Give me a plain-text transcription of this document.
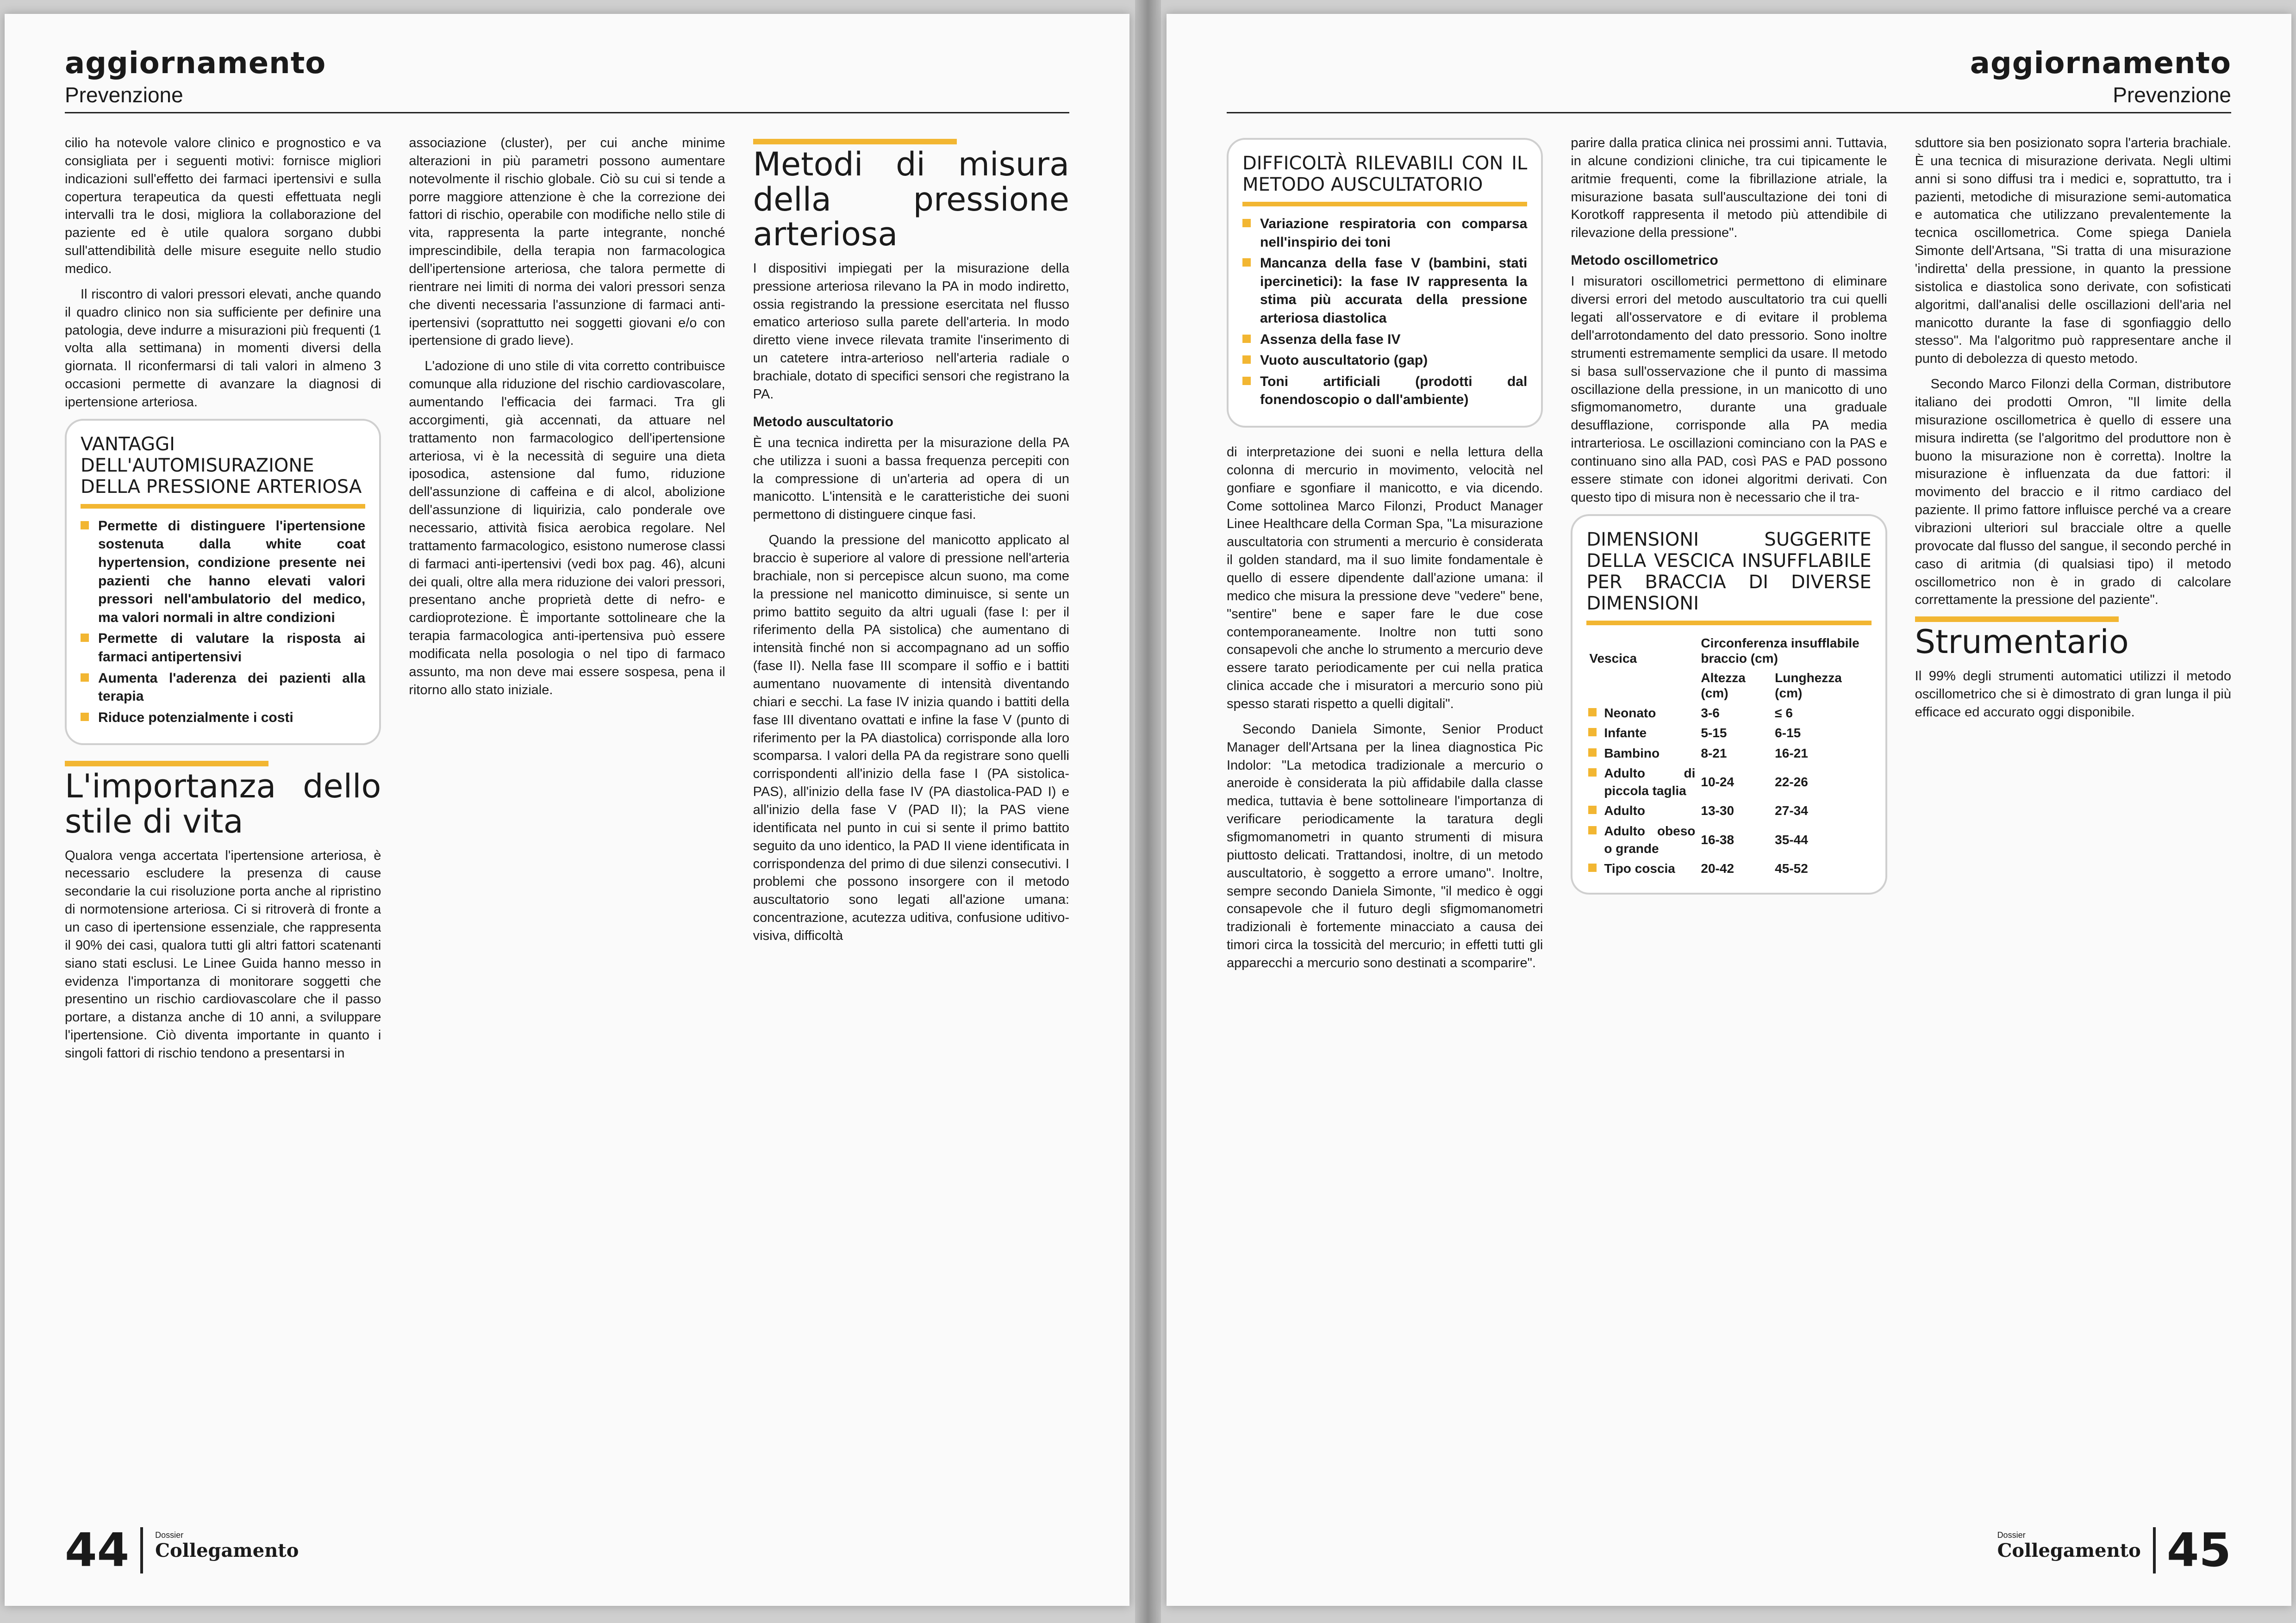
aggiornamento
Prevenzione

cilio ha notevole valore clinico e prognostico e va consigliata per i seguenti motivi: fornisce migliori indicazioni sull'effetto dei farmaci ipertensivi e sulla copertura terapeutica da questi effettuata negli intervalli tra le dosi, migliora la collaborazione del paziente ed è utile qualora sorgano dubbi sull'attendibilità delle misure eseguite nello studio medico.

Il riscontro di valori pressori elevati, anche quando il quadro clinico non sia sufficiente per definire una patologia, deve indurre a misurazioni più frequenti (1 volta alla settimana) in momenti diversi della giornata. Il riconfermarsi di tali valori in almeno 3 occasioni permette di avanzare la diagnosi di ipertensione arteriosa.

VANTAGGI DELL'AUTOMISURAZIONE DELLA PRESSIONE ARTERIOSA
Permette di distinguere l'ipertensione sostenuta dalla white coat hypertension, condizione presente nei pazienti che hanno elevati valori pressori nell'ambulatorio del medico, ma valori normali in altre condizioni
Permette di valutare la risposta ai farmaci antipertensivi
Aumenta l'aderenza dei pazienti alla terapia
Riduce potenzialmente i costi
L'importanza dello stile di vita

Qualora venga accertata l'ipertensione arteriosa, è necessario escludere la presenza di cause secondarie la cui risoluzione porta anche al ripristino di normotensione arteriosa. Ci si ritroverà di fronte a un caso di ipertensione essenziale, che rappresenta il 90% dei casi, qualora tutti gli altri fattori scatenanti siano stati esclusi. Le Linee Guida hanno messo in evidenza l'importanza di monitorare soggetti che presentino un rischio cardiovascolare che il passo portare, a distanza anche di 10 anni, a sviluppare l'ipertensione. Ciò diventa importante in quanto i singoli fattori di rischio tendono a presentarsi in

associazione (cluster), per cui anche minime alterazioni in più parametri possono aumentare notevolmente il rischio globale. Ciò su cui si tende a porre maggiore attenzione è che la correzione dei fattori di rischio, operabile con modifiche nello stile di vita, rappresenta la parte integrante, nonché imprescindibile, della terapia non farmacologica dell'ipertensione arteriosa, che talora permette di rientrare nei limiti di norma dei valori pressori senza che diventi necessaria l'assunzione di farmaci anti-ipertensivi (soprattutto nei soggetti giovani e/o con ipertensione di grado lieve).

L'adozione di uno stile di vita corretto contribuisce comunque alla riduzione del rischio cardiovascolare, aumentando l'efficacia dei farmaci. Tra gli accorgimenti, già accennati, da attuare nel trattamento non farmacologico dell'ipertensione arteriosa, vi è la necessità di seguire una dieta iposodica, astensione dal fumo, riduzione dell'assunzione di caffeina e di alcol, abolizione dell'assunzione di liquirizia, calo ponderale ove necessario, attività fisica aerobica regolare. Nel trattamento farmacologico, esistono numerose classi di farmaci anti-ipertensivi (vedi box pag. 46), alcuni dei quali, oltre alla mera riduzione dei valori pressori, presentano anche proprietà dette di nefro- e cardioprotezione. È importante sottolineare che la terapia farmacologica anti-ipertensiva può essere modificata nella posologia o nel tipo di farmaco assunto, ma non deve mai essere sospesa, pena il ritorno allo stato iniziale.

Metodi di misura della pressione arteriosa

I dispositivi impiegati per la misurazione della pressione arteriosa rilevano la PA in modo indiretto, ossia registrando la pressione esercitata nel flusso ematico arterioso sulla parete dell'arteria. In modo diretto viene invece rilevata tramite l'inserimento di un catetere intra-arterioso nell'arteria radiale o brachiale, dotato di specifici sensori che registrano la PA.

Metodo auscultatorio

È una tecnica indiretta per la misurazione della PA che utilizza i suoni a bassa frequenza percepiti con la compressione di un'arteria ad opera di un manicotto. L'intensità e le caratteristiche dei suoni permettono di distinguere cinque fasi.

Quando la pressione del manicotto applicato al braccio è superiore al valore di pressione nell'arteria brachiale, non si percepisce alcun suono, ma come la pressione nel manicotto diminuisce, si sente un primo battito seguito da altri uguali (fase I: per il riferimento della PA sistolica) che aumentano di intensità finché non si accompagnano ad un soffio (fase II). Nella fase III scompare il soffio e i battiti aumentano nuovamente di intensità diventando chiari e secchi. La fase IV inizia quando i battiti della fase III diventano ovattati e infine la fase V (punto di riferimento per la PA diastolica) corrisponde alla loro scomparsa. I valori della PA da registrare sono quelli corrispondenti all'inizio della fase I (PA sistolica-PAS), all'inizio della fase IV (PA diastolica-PAD I) e all'inizio della fase V (PAD II); la PAS viene identificata nel punto in cui si sente il primo battito seguito da uno identico, la PAD II viene identificata in corrispondenza del primo di due silenzi consecutivi. I problemi che possono insorgere con il metodo auscultatorio sono legati all'azione umana: concentrazione, acutezza uditiva, confusione uditivo-visiva, difficoltà

44	Dossier
Collegamento
aggiornamento
Prevenzione
DIFFICOLTÀ RILEVABILI CON IL METODO AUSCULTATORIO
Variazione respiratoria con comparsa nell'inspirio dei toni
Mancanza della fase V (bambini, stati ipercinetici): la fase IV rappresenta la stima più accurata della pressione arteriosa diastolica
Assenza della fase IV
Vuoto auscultatorio (gap)
Toni artificiali (prodotti dal fonendoscopio o dall'ambiente)

di interpretazione dei suoni e nella lettura della colonna di mercurio in movimento, velocità nel gonfiare e sgonfiare il manicotto, e via dicendo. Come sottolinea Marco Filonzi, Product Manager Linee Healthcare della Corman Spa, "La misurazione auscultatoria con strumenti a mercurio è considerata il golden standard, ma il suo limite fondamentale è quello di essere dipendente dall'azione umana: il medico che misura la pressione deve "vedere" bene, "sentire" bene e saper fare le due cose contemporaneamente. Inoltre non tutti sono consapevoli che anche lo strumento a mercurio deve essere tarato periodicamente per cui nella pratica clinica accade che i misuratori a mercurio sono più spesso starati rispetto a quelli digitali".

Secondo Daniela Simonte, Senior Product Manager dell'Artsana per la linea diagnostica Pic Indolor: "La metodica tradizionale a mercurio o aneroide è considerata la più affidabile dalla classe medica, tuttavia è bene sottolineare l'importanza di verificare periodicamente la taratura degli sfigmomanometri in quanto strumenti di misura piuttosto delicati. Trattandosi, inoltre, di un metodo auscultatorio, è soggetto a errore umano". Inoltre, sempre secondo Daniela Simonte, "il medico è oggi consapevole che il futuro degli sfigmomanometri tradizionali è fortemente minacciato a causa dei timori circa la tossicità del mercurio; in effetti tutti gli apparecchi a mercurio sono destinati a scomparire".

parire dalla pratica clinica nei prossimi anni. Tuttavia, in alcune condizioni cliniche, tra cui tipicamente le aritmie frequenti, come la fibrillazione atriale, la misurazione basata sull'auscultazione dei toni di Korotkoff rappresenta il metodo più attendibile di rilevazione della pressione".

Metodo oscillometrico

I misuratori oscillometrici permettono di eliminare diversi errori del metodo auscultatorio tra cui quelli legati all'osservatore e di evitare il problema dell'arrotondamento del dato pressorio. Sono inoltre strumenti estremamente semplici da usare. Il metodo si basa sull'osservazione che il punto di massima oscillazione della pressione, in un manicotto di uno sfigmomanometro, durante una graduale desufflazione, corrisponde alla PA media intrarteriosa. Le oscillazioni cominciano con la PAS e continuano sino alla PAD, così PAS e PAD possono essere stimate con idonei algoritmi derivati. Con questo tipo di misura non è necessario che il tra-

DIMENSIONI SUGGERITE DELLA VESCICA INSUFFLABILE PER BRACCIA DI DIVERSE DIMENSIONI
Vescica	Circonferenza insufflabile braccio (cm)	
	Altezza (cm)	Lunghezza (cm)
Neonato	3-6	≤ 6
Infante	5-15	6-15
Bambino	8-21	16-21
Adulto di piccola taglia	10-24	22-26
Adulto	13-30	27-34
Adulto obeso o grande	16-38	35-44
Tipo coscia	20-42	45-52

sduttore sia ben posizionato sopra l'arteria brachiale. È una tecnica di misurazione derivata. Negli ultimi anni si sono diffusi tra i medici e, soprattutto, tra i pazienti, metodiche di misurazione semi-automatica e automatica che utilizzano prevalentemente la tecnica oscillometrica. Come spiega Daniela Simonte dell'Artsana, "Si tratta di una misurazione 'indiretta' della pressione, in quanto la pressione sistolica e diastolica sono derivate, con sofisticati algoritmi, dall'analisi delle oscillazioni dell'aria nel manicotto durante la fase di sgonfiaggio dello stesso". Ma l'algoritmo può rappresentare anche il punto di debolezza di questo metodo.

Secondo Marco Filonzi della Corman, distributore italiano dei prodotti Omron, "Il limite della misurazione oscillometrica è quello di essere una misura indiretta (se l'algoritmo del produttore non è buono la misurazione non è corretta). Inoltre la misurazione è influenzata da due fattori: il movimento del braccio e il ritmo cardiaco del paziente. Il primo fattore influisce perché va a creare vibrazioni ulteriori sul bracciale oltre a quelle provocate dal flusso del sangue, il secondo perché in caso di aritmia (di qualsiasi tipo) il metodo oscillometrico non è in grado di calcolare correttamente la pressione del paziente".

Strumentario

Il 99% degli strumenti automatici utilizzi il metodo oscillometrico che si è dimostrato di gran lunga il più efficace ed accurato oggi disponibile.

45
Dossier
Collegamento
